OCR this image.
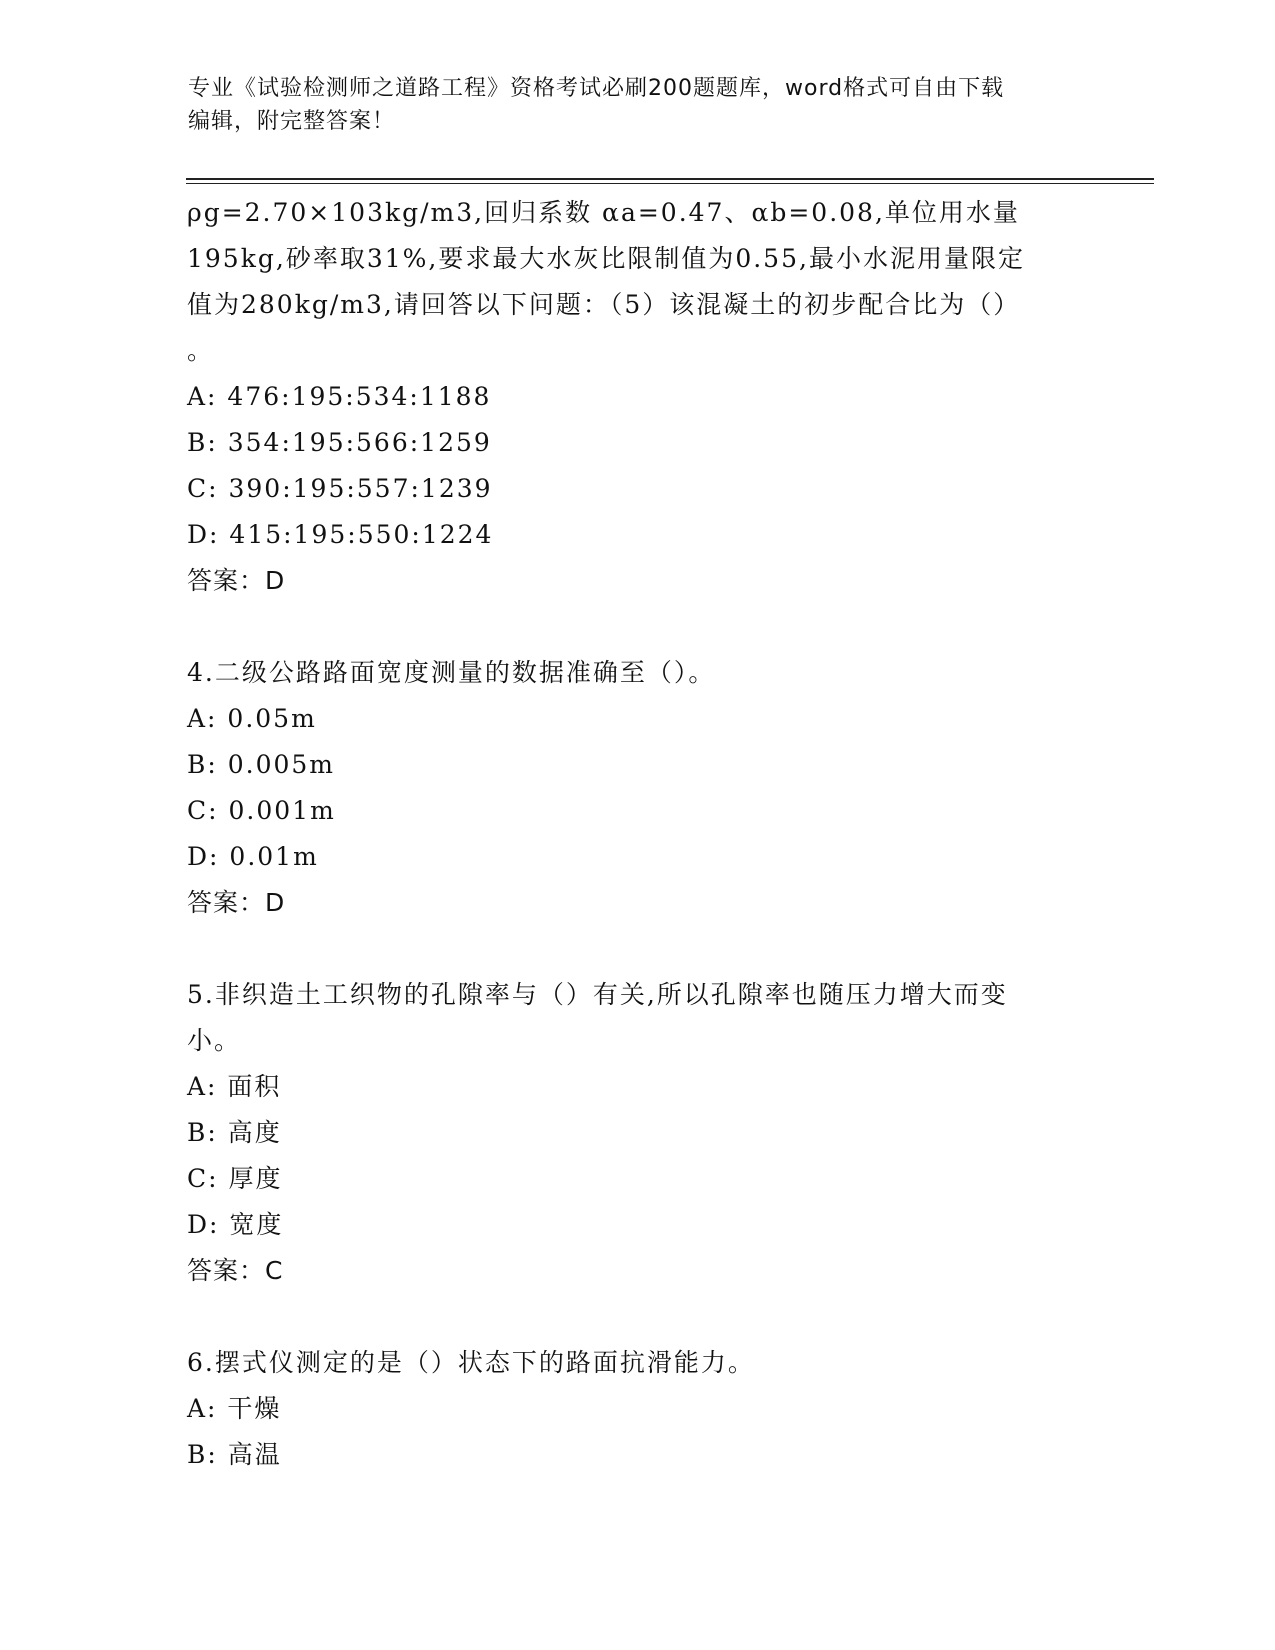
专业《试验检测师之道路工程》资格考试必刷200题题库，word格式可自由下载
编辑，附完整答案！
ρg=2.70×103kg/m3,回归系数 αa=0.47、αb=0.08,单位用水量
195kg,砂率取31%,要求最大水灰比限制值为0.55,最小水泥用量限定
值为280kg/m3,请回答以下问题：（5）该混凝土的初步配合比为（）
。
A: 476:195:534:1188
B: 354:195:566:1259
C: 390:195:557:1239
D: 415:195:550:1224
答案：D
4.二级公路路面宽度测量的数据准确至（）。
A: 0.05m
B: 0.005m
C: 0.001m
D: 0.01m
答案：D
5.非织造土工织物的孔隙率与（）有关,所以孔隙率也随压力增大而变
小。
A: 面积
B: 高度
C: 厚度
D: 宽度
答案：C
6.摆式仪测定的是（）状态下的路面抗滑能力。
A: 干燥
B: 高温
